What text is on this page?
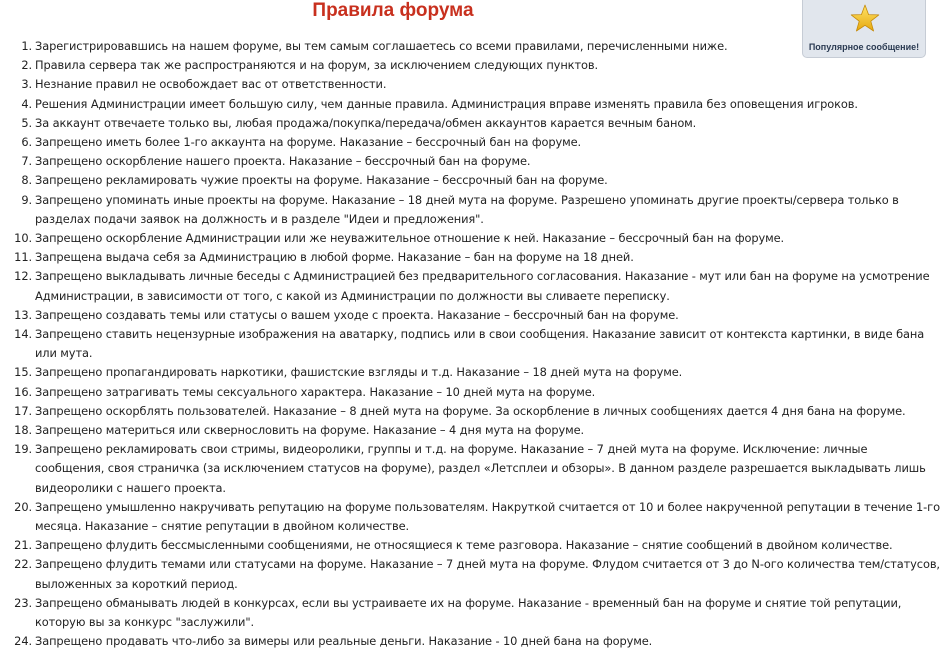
Правила форума
Популярное сообщение!
1. Зарегистрировавшись на нашем форуме, вы тем самым соглашаетесь со всеми правилами, перечисленными ниже.
2. Правила сервера так же распространяются и на форум, за исключением следующих пунктов.
3. Незнание правил не освобождает вас от ответственности.
4. Решения Администрации имеет большую силу, чем данные правила. Администрация вправе изменять правила без оповещения игроков.
5. За аккаунт отвечаете только вы, любая продажа/покупка/передача/обмен аккаунтов карается вечным баном.
6. Запрещено иметь более 1-го аккаунта на форуме. Наказание – бессрочный бан на форуме.
7. Запрещено оскорбление нашего проекта. Наказание – бессрочный бан на форуме.
8. Запрещено рекламировать чужие проекты на форуме. Наказание – бессрочный бан на форуме.
9. Запрещено упоминать иные проекты на форуме. Наказание – 18 дней мута на форуме. Разрешено упоминать другие проекты/сервера только в разделах подачи заявок на должность и в разделе "Идеи и предложения".
10. Запрещено оскорбление Администрации или же неуважительное отношение к ней. Наказание – бессрочный бан на форуме.
11. Запрещена выдача себя за Администрацию в любой форме. Наказание – бан на форуме на 18 дней.
12. Запрещено выкладывать личные беседы с Администрацией без предварительного согласования. Наказание - мут или бан на форуме на усмотрение Администрации, в зависимости от того, с какой из Администрации по должности вы сливаете переписку.
13. Запрещено создавать темы или статусы о вашем уходе с проекта. Наказание – бессрочный бан на форуме.
14. Запрещено ставить нецензурные изображения на аватарку, подпись или в свои сообщения. Наказание зависит от контекста картинки, в виде бана или мута.
15. Запрещено пропагандировать наркотики, фашистские взгляды и т.д. Наказание – 18 дней мута на форуме.
16. Запрещено затрагивать темы сексуального характера. Наказание – 10 дней мута на форуме.
17. Запрещено оскорблять пользователей. Наказание – 8 дней мута на форуме. За оскорбление в личных сообщениях дается 4 дня бана на форуме.
18. Запрещено материться или сквернословить на форуме. Наказание – 4 дня мута на форуме.
19. Запрещено рекламировать свои стримы, видеоролики, группы и т.д. на форуме. Наказание – 7 дней мута на форуме. Исключение: личные сообщения, своя страничка (за исключением статусов на форуме), раздел «Летсплеи и обзоры». В данном разделе разрешается выкладывать лишь видеоролики с нашего проекта.
20. Запрещено умышленно накручивать репутацию на форуме пользователям. Накруткой считается от 10 и более накрученной репутации в течение 1-го месяца. Наказание – снятие репутации в двойном количестве.
21. Запрещено флудить бессмысленными сообщениями, не относящиеся к теме разговора. Наказание – снятие сообщений в двойном количестве.
22. Запрещено флудить темами или статусами на форуме. Наказание – 7 дней мута на форуме. Флудом считается от 3 до N-ого количества тем/статусов, выложенных за короткий период.
23. Запрещено обманывать людей в конкурсах, если вы устраиваете их на форуме. Наказание - временный бан на форуме и снятие той репутации, которую вы за конкурс "заслужили".
24. Запрещено продавать что-либо за вимеры или реальные деньги. Наказание - 10 дней бана на форуме.
